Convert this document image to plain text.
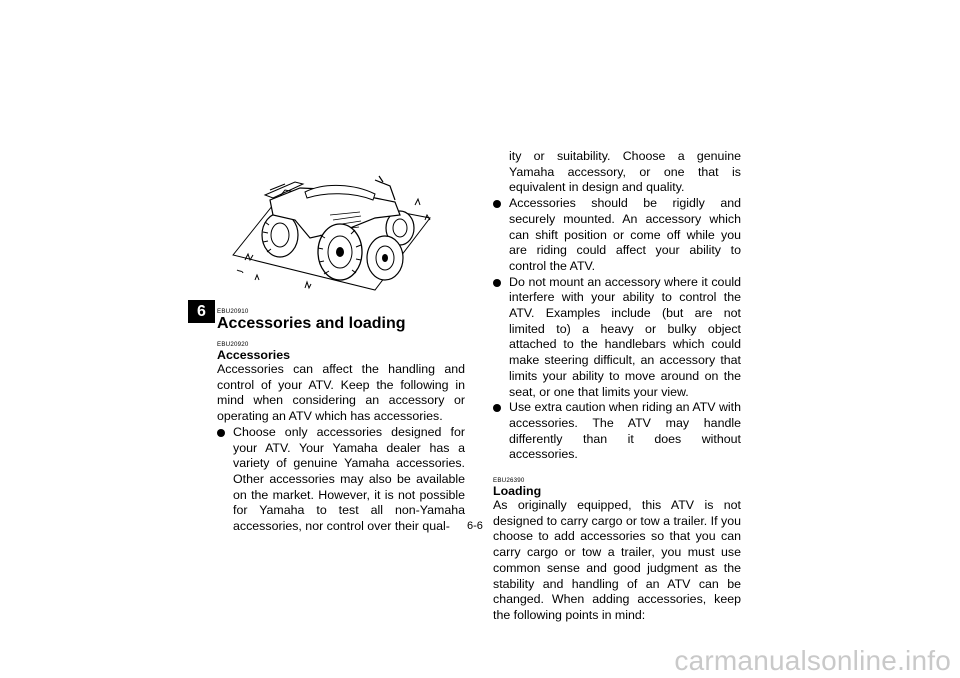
6	EBU20910
Accessories and loading
EBU20920
Accessories

Accessories can affect the handling and control of your ATV. Keep the following in mind when considering an accessory or operating an ATV which has accessories.

Choose only accessories designed for your ATV. Your Yamaha dealer has a variety of genuine Yamaha accessories. Other accessories may also be available on the market. However, it is not possible for Yamaha to test all non-Yamaha accessories, nor control over their qual-

ity or suitability. Choose a genuine Yamaha accessory, or one that is equivalent in design and quality.

Accessories should be rigidly and securely mounted. An accessory which can shift position or come off while you are riding could affect your ability to control the ATV.
Do not mount an accessory where it could interfere with your ability to control the ATV. Examples include (but are not limited to) a heavy or bulky object attached to the handlebars which could make steering difficult, an accessory that limits your ability to move around on the seat, or one that limits your view.
Use extra caution when riding an ATV with accessories. The ATV may handle differently than it does without accessories.
EBU26390
Loading

As originally equipped, this ATV is not designed to carry cargo or tow a trailer. If you choose to add accessories so that you can carry cargo or tow a trailer, you must use common sense and good judgment as the stability and handling of an ATV can be changed. When adding accessories, keep the following points in mind:

6-6
carmanualsonline.info
